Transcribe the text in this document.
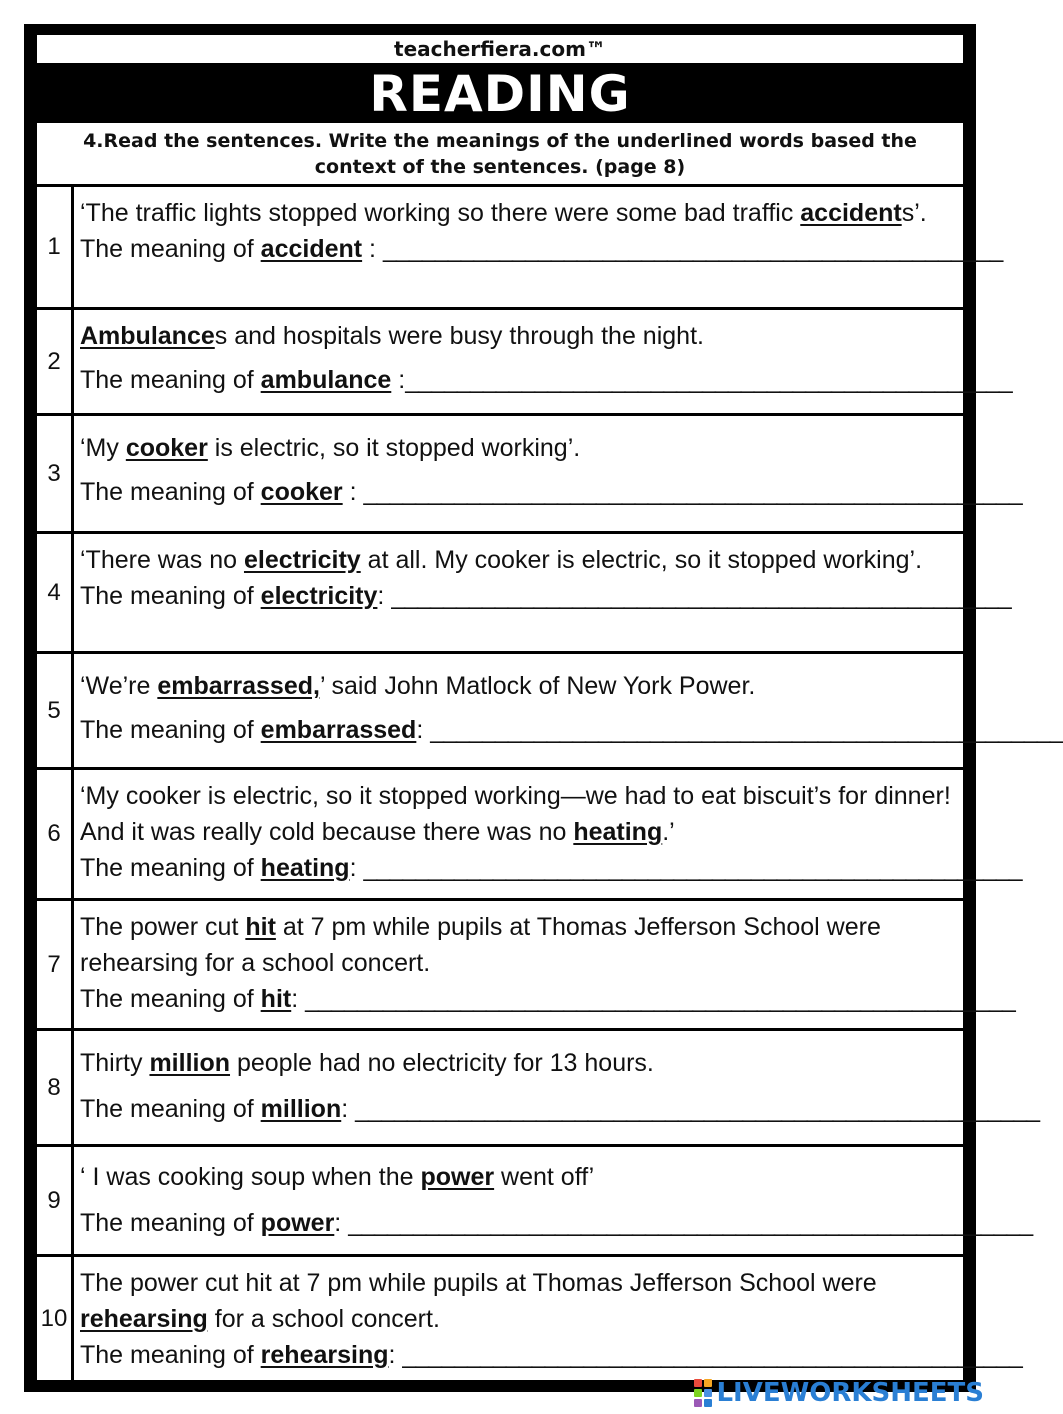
teacherfiera.com™
READING
4.Read the sentences. Write the meanings of the underlined words based the
context of the sentences. (page 8)
1
‘The traffic lights stopped working so there were some bad traffic accidents’.
The meaning of accident : ________________________________________________
2
Ambulances and hospitals were busy through the night.
The meaning of ambulance :_______________________________________________
3
‘My cooker is electric, so it stopped working’.
The meaning of cooker : ___________________________________________________
4
‘There was no electricity at all. My cooker is electric, so it stopped working’.
The meaning of electricity: ________________________________________________
5
‘We’re embarrassed,’ said John Matlock of New York Power.
The meaning of embarrassed: _________________________________________________
6
‘My cooker is electric, so it stopped working—we had to eat biscuit’s for dinner! And it was really cold because there was no heating.’
The meaning of heating: ___________________________________________________
7
The power cut hit at 7 pm while pupils at Thomas Jefferson School were rehearsing for a school concert.
The meaning of hit: _______________________________________________________
8
Thirty million people had no electricity for 13 hours.
The meaning of million: _____________________________________________________
9
‘ I was cooking soup when the power went off’
The meaning of power: _____________________________________________________
10
The power cut hit at 7 pm while pupils at Thomas Jefferson School were rehearsing for a school concert.
The meaning of rehearsing: ________________________________________________
LIVEWORKSHEETS
